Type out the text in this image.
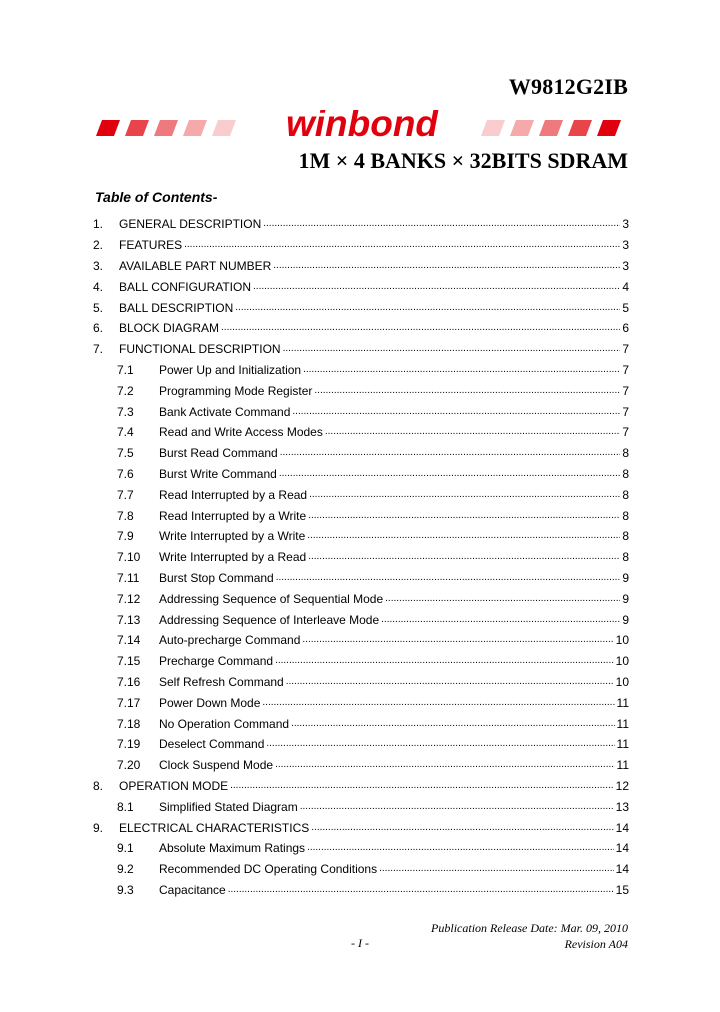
W9812G2IB
winbond
1M × 4 BANKS × 32BITS SDRAM
Table of Contents-
1.	GENERAL DESCRIPTION .....	3
2.	FEATURES .....	3
3.	AVAILABLE PART NUMBER .....	3
4.	BALL CONFIGURATION .....	4
5.	BALL DESCRIPTION .....	5
6.	BLOCK DIAGRAM .....	6
7.	FUNCTIONAL DESCRIPTION .....	7
7.1	Power Up and Initialization .....	7
7.2	Programming Mode Register .....	7
7.3	Bank Activate Command .....	7
7.4	Read and Write Access Modes .....	7
7.5	Burst Read Command .....	8
7.6	Burst Write Command .....	8
7.7	Read Interrupted by a Read .....	8
7.8	Read Interrupted by a Write .....	8
7.9	Write Interrupted by a Write .....	8
7.10	Write Interrupted by a Read .....	8
7.11	Burst Stop Command .....	9
7.12	Addressing Sequence of Sequential Mode .....	9
7.13	Addressing Sequence of Interleave Mode .....	9
7.14	Auto-precharge Command .....	10
7.15	Precharge Command .....	10
7.16	Self Refresh Command .....	10
7.17	Power Down Mode .....	11
7.18	No Operation Command .....	11
7.19	Deselect Command .....	11
7.20	Clock Suspend Mode .....	11
8.	OPERATION MODE .....	12
8.1	Simplified Stated Diagram .....	13
9.	ELECTRICAL CHARACTERISTICS .....	14
9.1	Absolute Maximum Ratings .....	14
9.2	Recommended DC Operating Conditions .....	14
9.3	Capacitance .....	15
Publication Release Date: Mar. 09, 2010
- I -	Revision A04
